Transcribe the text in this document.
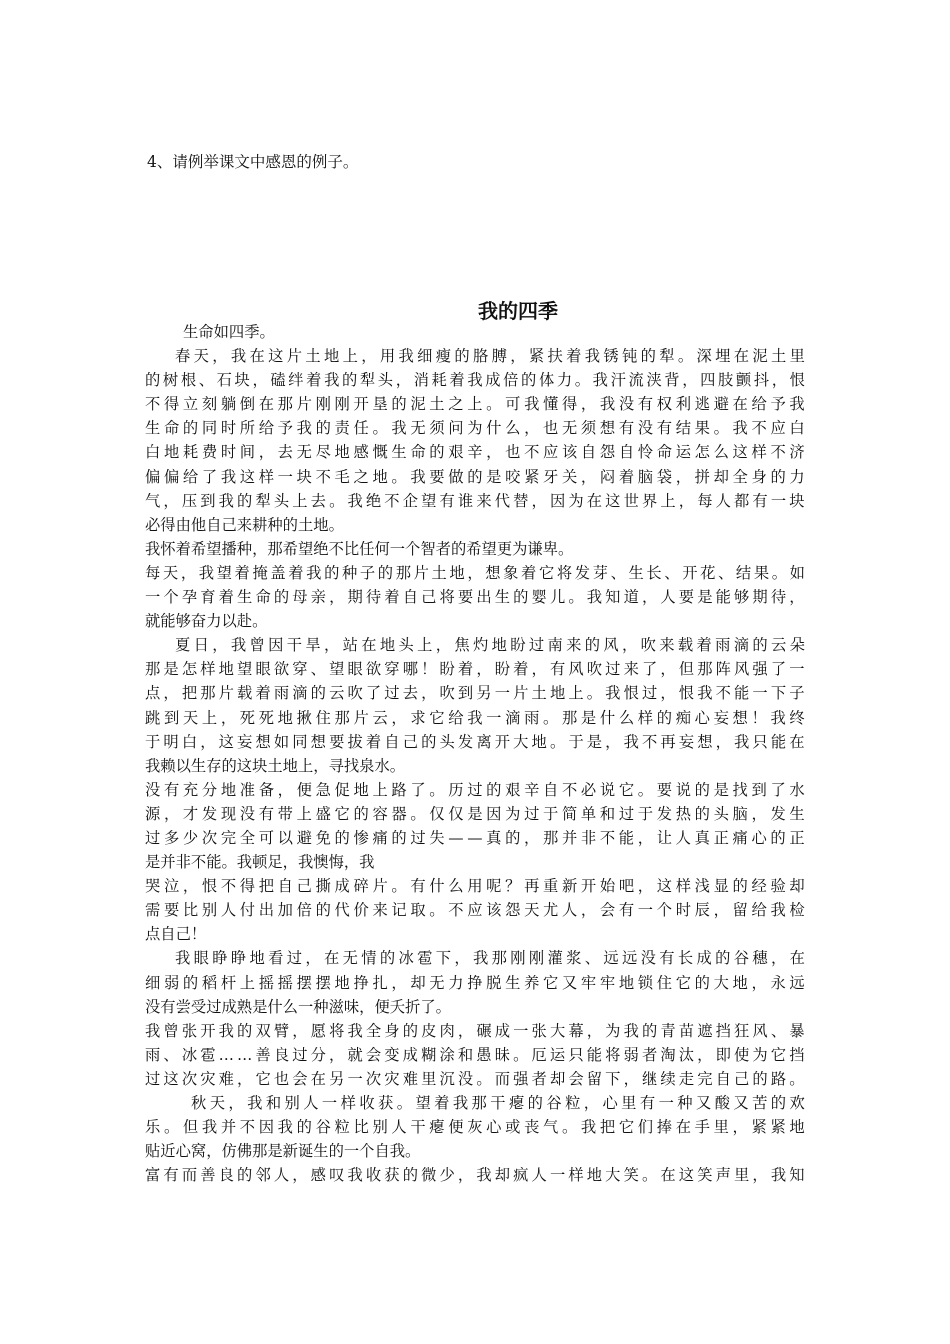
4、请例举课文中感恩的例子。
我的四季
生命如四季。
春 天 ， 我 在 这 片 土 地 上 ， 用 我 细 瘦 的 胳 膊 ， 紧 扶 着 我 锈 钝 的 犁 。 深 埋 在 泥 土 里
的 树 根 、 石 块 ， 磕 绊 着 我 的 犁 头 ， 消 耗 着 我 成 倍 的 体 力 。 我 汗 流 浃 背 ， 四 肢 颤 抖 ， 恨
不 得 立 刻 躺 倒 在 那 片 刚 刚 开 垦 的 泥 土 之 上 。 可 我 懂 得 ， 我 没 有 权 利 逃 避 在 给 予 我
生 命 的 同 时 所 给 予 我 的 责 任 。 我 无 须 问 为 什 么 ， 也 无 须 想 有 没 有 结 果 。 我 不 应 白
白 地 耗 费 时 间 ， 去 无 尽 地 感 慨 生 命 的 艰 辛 ， 也 不 应 该 自 怨 自 怜 命 运 怎 么 这 样 不 济
偏 偏 给 了 我 这 样 一 块 不 毛 之 地 。 我 要 做 的 是 咬 紧 牙 关 ， 闷 着 脑 袋 ， 拼 却 全 身 的 力
气 ， 压 到 我 的 犁 头 上 去 。 我 绝 不 企 望 有 谁 来 代 替 ， 因 为 在 这 世 界 上 ， 每 人 都 有 一 块
必得由他自己来耕种的土地。
我怀着希望播种，那希望绝不比任何一个智者的希望更为谦卑。
每 天 ， 我 望 着 掩 盖 着 我 的 种 子 的 那 片 土 地 ， 想 象 着 它 将 发 芽 、 生 长 、 开 花 、 结 果 。 如
一 个 孕 育 着 生 命 的 母 亲 ， 期 待 着 自 己 将 要 出 生 的 婴 儿 。 我 知 道 ， 人 要 是 能 够 期 待 ，
就能够奋力以赴。
夏 日 ， 我 曾 因 干 旱 ， 站 在 地 头 上 ， 焦 灼 地 盼 过 南 来 的 风 ， 吹 来 载 着 雨 滴 的 云 朵
那 是 怎 样 地 望 眼 欲 穿 、 望 眼 欲 穿 哪 ！ 盼 着 ， 盼 着 ， 有 风 吹 过 来 了 ， 但 那 阵 风 强 了 一
点 ， 把 那 片 载 着 雨 滴 的 云 吹 了 过 去 ， 吹 到 另 一 片 土 地 上 。 我 恨 过 ， 恨 我 不 能 一 下 子
跳 到 天 上 ， 死 死 地 揪 住 那 片 云 ， 求 它 给 我 一 滴 雨 。 那 是 什 么 样 的 痴 心 妄 想 ！ 我 终
于 明 白 ， 这 妄 想 如 同 想 要 拔 着 自 己 的 头 发 离 开 大 地 。 于 是 ， 我 不 再 妄 想 ， 我 只 能 在
我赖以生存的这块土地上，寻找泉水。
没 有 充 分 地 准 备 ， 便 急 促 地 上 路 了 。 历 过 的 艰 辛 自 不 必 说 它 。 要 说 的 是 找 到 了 水
源 ， 才 发 现 没 有 带 上 盛 它 的 容 器 。 仅 仅 是 因 为 过 于 简 单 和 过 于 发 热 的 头 脑 ， 发 生
过 多 少 次 完 全 可 以 避 免 的 惨 痛 的 过 失 — — 真 的 ， 那 并 非 不 能 ， 让 人 真 正 痛 心 的 正
是并非不能。我顿足，我懊悔，我
哭 泣 ， 恨 不 得 把 自 己 撕 成 碎 片 。 有 什 么 用 呢 ？ 再 重 新 开 始 吧 ， 这 样 浅 显 的 经 验 却
需 要 比 别 人 付 出 加 倍 的 代 价 来 记 取 。 不 应 该 怨 天 尤 人 ， 会 有 一 个 时 辰 ， 留 给 我 检
点自己！
我 眼 睁 睁 地 看 过 ， 在 无 情 的 冰 雹 下 ， 我 那 刚 刚 灌 浆 、 远 远 没 有 长 成 的 谷 穗 ， 在
细 弱 的 稻 杆 上 摇 摇 摆 摆 地 挣 扎 ， 却 无 力 挣 脱 生 养 它 又 牢 牢 地 锁 住 它 的 大 地 ， 永 远
没有尝受过成熟是什么一种滋味，便夭折了。
我 曾 张 开 我 的 双 臂 ， 愿 将 我 全 身 的 皮 肉 ， 碾 成 一 张 大 幕 ， 为 我 的 青 苗 遮 挡 狂 风 、 暴
雨 、 冰 雹 … … 善 良 过 分 ， 就 会 变 成 糊 涂 和 愚 昧 。 厄 运 只 能 将 弱 者 淘 汰 ， 即 使 为 它 挡
过 这 次 灾 难 ， 它 也 会 在 另 一 次 灾 难 里 沉 没 。 而 强 者 却 会 留 下 ， 继 续 走 完 自 己 的 路 。
秋 天 ， 我 和 别 人 一 样 收 获 。 望 着 我 那 干 瘪 的 谷 粒 ， 心 里 有 一 种 又 酸 又 苦 的 欢
乐 。 但 我 并 不 因 我 的 谷 粒 比 别 人 干 瘪 便 灰 心 或 丧 气 。 我 把 它 们 捧 在 手 里 ， 紧 紧 地
贴近心窝，仿佛那是新诞生的一个自我。
富 有 而 善 良 的 邻 人 ， 感 叹 我 收 获 的 微 少 ， 我 却 疯 人 一 样 地 大 笑 。 在 这 笑 声 里 ， 我 知
